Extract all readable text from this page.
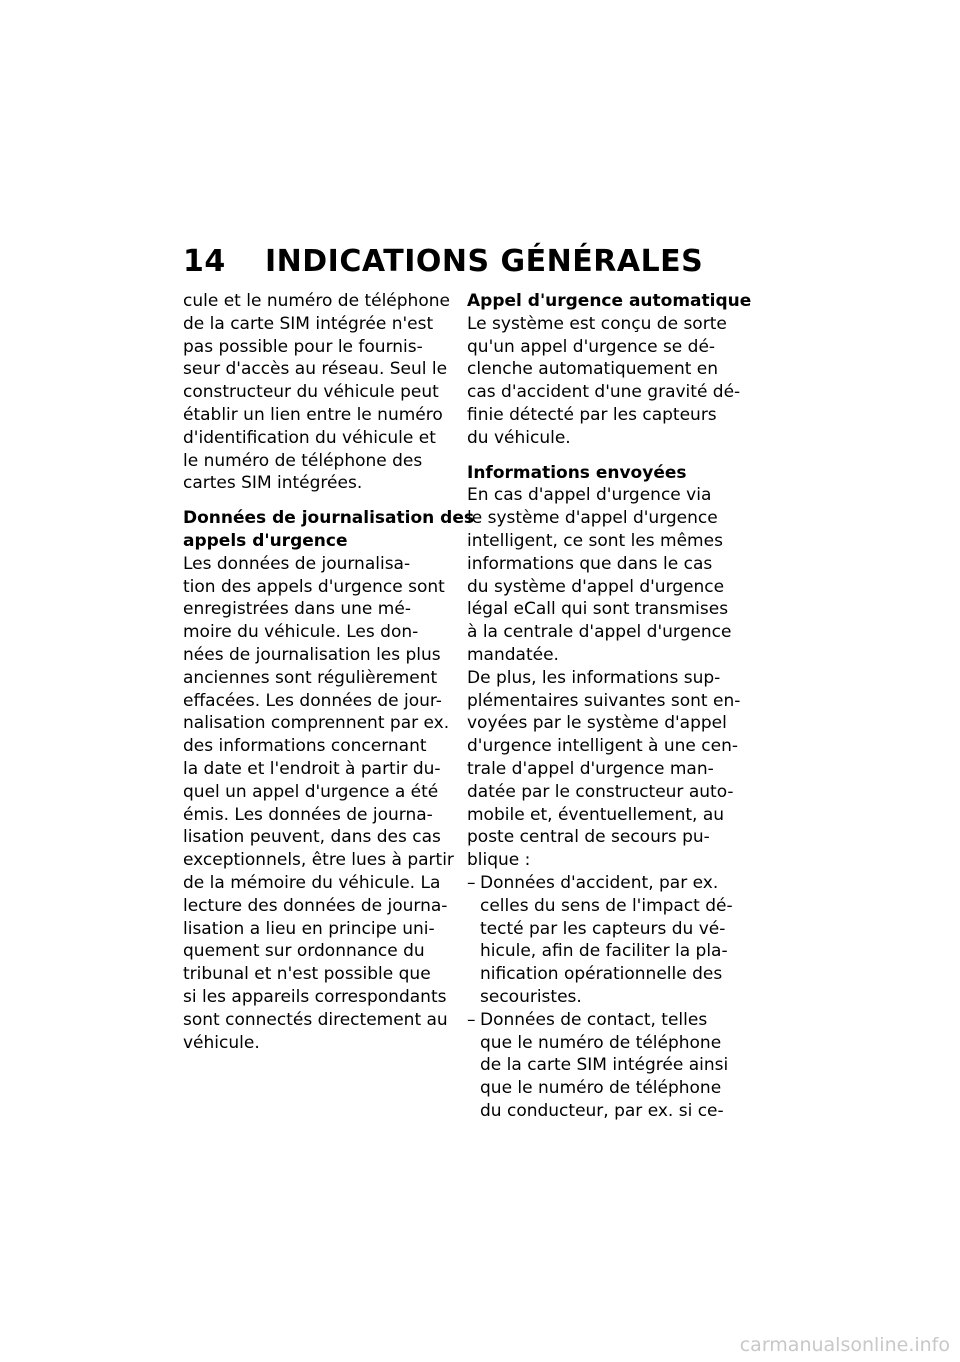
14 INDICATIONS GÉNÉRALES
cule et le numéro de téléphone
de la carte SIM intégrée n'est
pas possible pour le fournis-
seur d'accès au réseau. Seul le
constructeur du véhicule peut
établir un lien entre le numéro
d'identification du véhicule et
le numéro de téléphone des
cartes SIM intégrées.
Données de journalisation des
appels d'urgence
Les données de journalisa-
tion des appels d'urgence sont
enregistrées dans une mé-
moire du véhicule. Les don-
nées de journalisation les plus
anciennes sont régulièrement
effacées. Les données de jour-
nalisation comprennent par ex.
des informations concernant
la date et l'endroit à partir du-
quel un appel d'urgence a été
émis. Les données de journa-
lisation peuvent, dans des cas
exceptionnels, être lues à partir
de la mémoire du véhicule. La
lecture des données de journa-
lisation a lieu en principe uni-
quement sur ordonnance du
tribunal et n'est possible que
si les appareils correspondants
sont connectés directement au
véhicule.
Appel d'urgence automatique
Le système est conçu de sorte
qu'un appel d'urgence se dé-
clenche automatiquement en
cas d'accident d'une gravité dé-
finie détecté par les capteurs
du véhicule.
Informations envoyées
En cas d'appel d'urgence via
le système d'appel d'urgence
intelligent, ce sont les mêmes
informations que dans le cas
du système d'appel d'urgence
légal eCall qui sont transmises
à la centrale d'appel d'urgence
mandatée.
De plus, les informations sup-
plémentaires suivantes sont en-
voyées par le système d'appel
d'urgence intelligent à une cen-
trale d'appel d'urgence man-
datée par le constructeur auto-
mobile et, éventuellement, au
poste central de secours pu-
blique :
– Données d'accident, par ex.
celles du sens de l'impact dé-
tecté par les capteurs du vé-
hicule, afin de faciliter la pla-
nification opérationnelle des
secouristes.
– Données de contact, telles
que le numéro de téléphone
de la carte SIM intégrée ainsi
que le numéro de téléphone
du conducteur, par ex. si ce-
carmanualsonline.info
